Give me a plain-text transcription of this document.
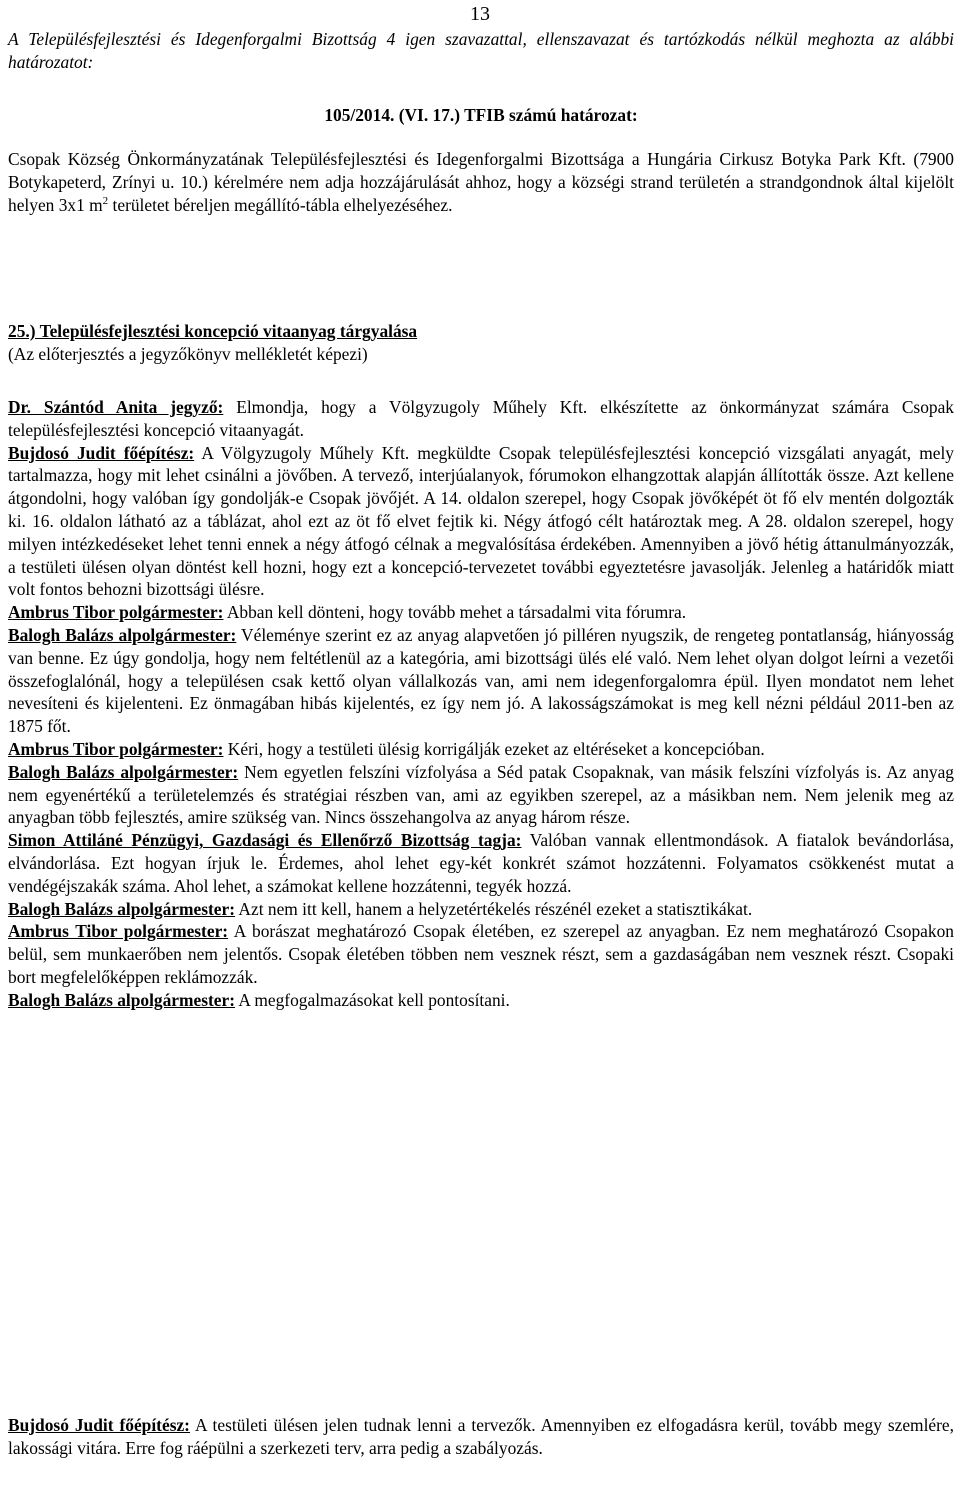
13

A Településfejlesztési és Idegenforgalmi Bizottság 4 igen szavazattal, ellenszavazat és tartózkodás nélkül meghozta az alábbi határozatot:

105/2014. (VI. 17.) TFIB számú határozat:

Csopak Község Önkormányzatának Településfejlesztési és Idegenforgalmi Bizottsága a Hungária Cirkusz Botyka Park Kft. (7900 Botykapeterd, Zrínyi u. 10.) kérelmére nem adja hozzájárulását ahhoz, hogy a községi strand területén a strandgondnok által kijelölt helyen 3x1 $m^2$ területet béreljen megállító-tábla elhelyezéséhez.

25.) Településfejlesztési koncepció vitaanyag tárgyalása

(Az előterjesztés a jegyzőkönyv mellékletét képezi)

Dr. Szántód Anita jegyző: Elmondja, hogy a Völgyzugoly Műhely Kft. elkészítette az önkormányzat számára Csopak településfejlesztési koncepció vitaanyagát.

Bujdosó Judit főépítész: A Völgyzugoly Műhely Kft. megküldte Csopak településfejlesztési koncepció vizsgálati anyagát, mely tartalmazza, hogy mit lehet csinálni a jövőben. A tervező, interjúalanyok, fórumokon elhangzottak alapján állították össze. Azt kellene átgondolni, hogy valóban így gondolják-e Csopak jövőjét. A 14. oldalon szerepel, hogy Csopak jövőképét öt fő elv mentén dolgozták ki. 16. oldalon látható az a táblázat, ahol ezt az öt fő elvet fejtik ki. Négy átfogó célt határoztak meg. A 28. oldalon szerepel, hogy milyen intézkedéseket lehet tenni ennek a négy átfogó célnak a megvalósítása érdekében. Amennyiben a jövő hétig áttanulmányozzák, a testületi ülésen olyan döntést kell hozni, hogy ezt a koncepció-tervezetet további egyeztetésre javasolják. Jelenleg a határidők miatt volt fontos behozni bizottsági ülésre.

Ambrus Tibor polgármester: Abban kell dönteni, hogy tovább mehet a társadalmi vita fórumra.

Balogh Balázs alpolgármester: Véleménye szerint ez az anyag alapvetően jó pilléren nyugszik, de rengeteg pontatlanság, hiányosság van benne. Ez úgy gondolja, hogy nem feltétlenül az a kategória, ami bizottsági ülés elé való. Nem lehet olyan dolgot leírni a vezetői összefoglalónál, hogy a településen csak kettő olyan vállalkozás van, ami nem idegenforgalomra épül. Ilyen mondatot nem lehet nevesíteni és kijelenteni. Ez önmagában hibás kijelentés, ez így nem jó. A lakosságszámokat is meg kell nézni például 2011-ben az 1875 főt.

Ambrus Tibor polgármester: Kéri, hogy a testületi ülésig korrigálják ezeket az eltéréseket a koncepcióban.

Balogh Balázs alpolgármester: Nem egyetlen felszíni vízfolyása a Séd patak Csopaknak, van másik felszíni vízfolyás is. Az anyag nem egyenértékű a területelemzés és stratégiai részben van, ami az egyikben szerepel, az a másikban nem. Nem jelenik meg az anyagban több fejlesztés, amire szükség van. Nincs összehangolva az anyag három része.

Simon Attiláné Pénzügyi, Gazdasági és Ellenőrző Bizottság tagja: Valóban vannak ellentmondások. A fiatalok bevándorlása, elvándorlása. Ezt hogyan írjuk le. Érdemes, ahol lehet egy-két konkrét számot hozzátenni. Folyamatos csökkenést mutat a vendégéjszakák száma. Ahol lehet, a számokat kellene hozzátenni, tegyék hozzá.

Balogh Balázs alpolgármester: Azt nem itt kell, hanem a helyzetértékelés részénél ezeket a statisztikákat.

Ambrus Tibor polgármester: A borászat meghatározó Csopak életében, ez szerepel az anyagban. Ez nem meghatározó Csopakon belül, sem munkaerőben nem jelentős. Csopak életében többen nem vesznek részt, sem a gazdaságában nem vesznek részt. Csopaki bort megfelelőképpen reklámozzák.

Balogh Balázs alpolgármester: A megfogalmazásokat kell pontosítani.

Bujdosó Judit főépítész: A testületi ülésen jelen tudnak lenni a tervezők. Amennyiben ez elfogadásra kerül, tovább megy szemlére, lakossági vitára. Erre fog ráépülni a szerkezeti terv, arra pedig a szabályozás.
